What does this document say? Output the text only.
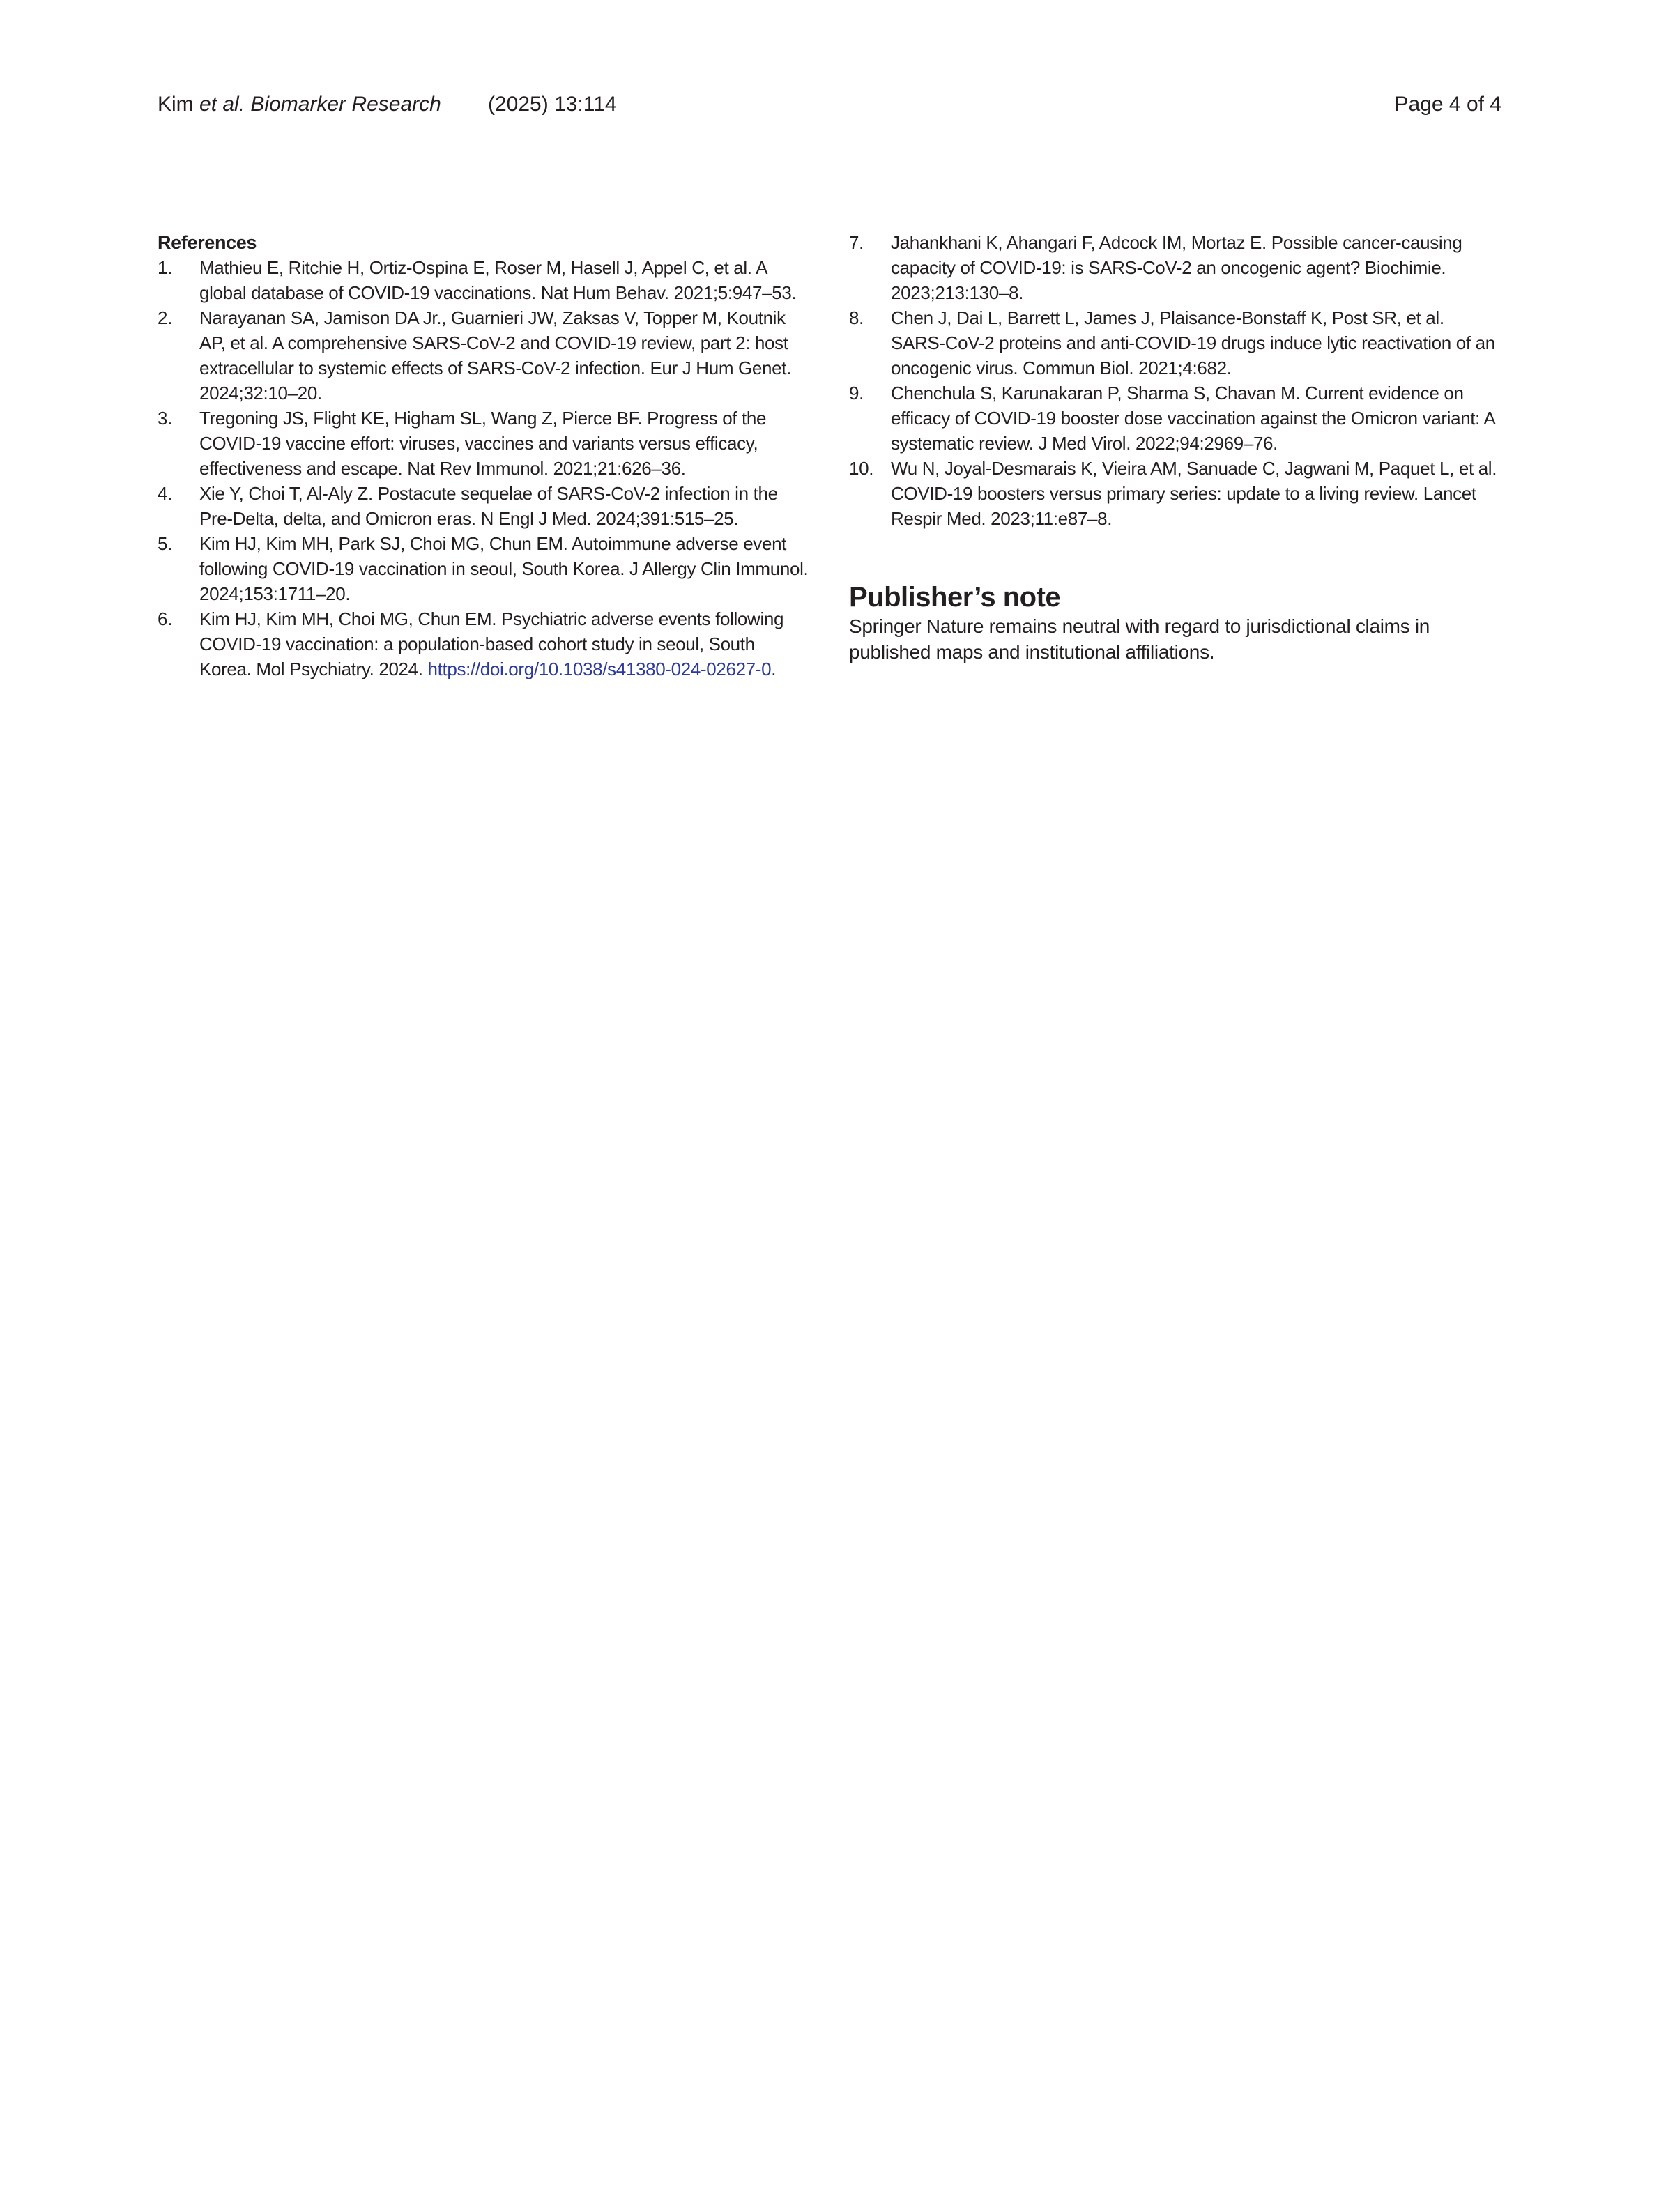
Kim et al. Biomarker Research (2025) 13:114	Page 4 of 4
References
1. Mathieu E, Ritchie H, Ortiz-Ospina E, Roser M, Hasell J, Appel C, et al. A global database of COVID-19 vaccinations. Nat Hum Behav. 2021;5:947–53.
2. Narayanan SA, Jamison DA Jr., Guarnieri JW, Zaksas V, Topper M, Koutnik AP, et al. A comprehensive SARS-CoV-2 and COVID-19 review, part 2: host extracellular to systemic effects of SARS-CoV-2 infection. Eur J Hum Genet. 2024;32:10–20.
3. Tregoning JS, Flight KE, Higham SL, Wang Z, Pierce BF. Progress of the COVID-19 vaccine effort: viruses, vaccines and variants versus efficacy, effectiveness and escape. Nat Rev Immunol. 2021;21:626–36.
4. Xie Y, Choi T, Al-Aly Z. Postacute sequelae of SARS-CoV-2 infection in the Pre-Delta, delta, and Omicron eras. N Engl J Med. 2024;391:515–25.
5. Kim HJ, Kim MH, Park SJ, Choi MG, Chun EM. Autoimmune adverse event following COVID-19 vaccination in seoul, South Korea. J Allergy Clin Immunol. 2024;153:1711–20.
6. Kim HJ, Kim MH, Choi MG, Chun EM. Psychiatric adverse events following COVID-19 vaccination: a population-based cohort study in seoul, South Korea. Mol Psychiatry. 2024. https://doi.org/10.1038/s41380-024-02627-0.
7. Jahankhani K, Ahangari F, Adcock IM, Mortaz E. Possible cancer-causing capacity of COVID-19: is SARS-CoV-2 an oncogenic agent? Biochimie. 2023;213:130–8.
8. Chen J, Dai L, Barrett L, James J, Plaisance-Bonstaff K, Post SR, et al. SARS-CoV-2 proteins and anti-COVID-19 drugs induce lytic reactivation of an oncogenic virus. Commun Biol. 2021;4:682.
9. Chenchula S, Karunakaran P, Sharma S, Chavan M. Current evidence on efficacy of COVID-19 booster dose vaccination against the Omicron variant: A systematic review. J Med Virol. 2022;94:2969–76.
10. Wu N, Joyal-Desmarais K, Vieira AM, Sanuade C, Jagwani M, Paquet L, et al. COVID-19 boosters versus primary series: update to a living review. Lancet Respir Med. 2023;11:e87–8.
Publisher’s note

Springer Nature remains neutral with regard to jurisdictional claims in published maps and institutional affiliations.
